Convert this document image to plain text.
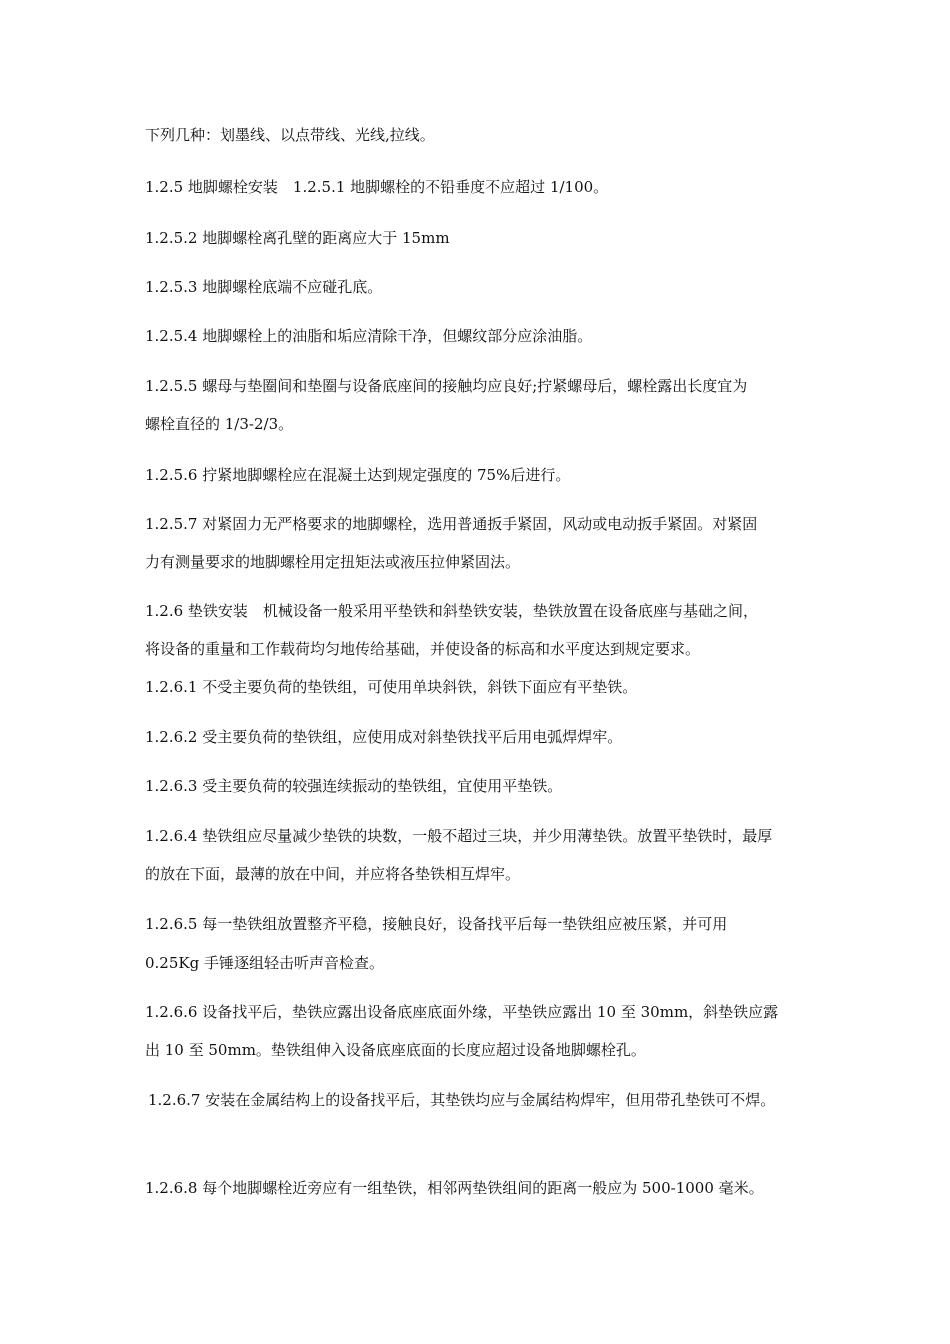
下列几种：划墨线、以点带线、光线,拉线。
1.2.5 地脚螺栓安装　1.2.5.1 地脚螺栓的不铅垂度不应超过 1/100。
1.2.5.2 地脚螺栓离孔壁的距离应大于 15mm
1.2.5.3 地脚螺栓底端不应碰孔底。
1.2.5.4 地脚螺栓上的油脂和垢应清除干净，但螺纹部分应涂油脂。
1.2.5.5 螺母与垫圈间和垫圈与设备底座间的接触均应良好;拧紧螺母后，螺栓露出长度宜为
螺栓直径的 1/3-2/3。
1.2.5.6 拧紧地脚螺栓应在混凝土达到规定强度的 75%后进行。
1.2.5.7 对紧固力无严格要求的地脚螺栓，选用普通扳手紧固，风动或电动扳手紧固。对紧固
力有测量要求的地脚螺栓用定扭矩法或液压拉伸紧固法。
1.2.6 垫铁安装　机械设备一般采用平垫铁和斜垫铁安装，垫铁放置在设备底座与基础之间，
将设备的重量和工作载荷均匀地传给基础，并使设备的标高和水平度达到规定要求。
1.2.6.1 不受主要负荷的垫铁组，可使用单块斜铁，斜铁下面应有平垫铁。
1.2.6.2 受主要负荷的垫铁组，应使用成对斜垫铁找平后用电弧焊焊牢。
1.2.6.3 受主要负荷的较强连续振动的垫铁组，宜使用平垫铁。
1.2.6.4 垫铁组应尽量减少垫铁的块数，一般不超过三块，并少用薄垫铁。放置平垫铁时，最厚
的放在下面，最薄的放在中间，并应将各垫铁相互焊牢。
1.2.6.5 每一垫铁组放置整齐平稳，接触良好，设备找平后每一垫铁组应被压紧，并可用
0.25Kg 手锤逐组轻击听声音检查。
1.2.6.6 设备找平后，垫铁应露出设备底座底面外缘，平垫铁应露出 10 至 30mm，斜垫铁应露
出 10 至 50mm。垫铁组伸入设备底座底面的长度应超过设备地脚螺栓孔。
1.2.6.7 安装在金属结构上的设备找平后，其垫铁均应与金属结构焊牢，但用带孔垫铁可不焊。
1.2.6.8 每个地脚螺栓近旁应有一组垫铁，相邻两垫铁组间的距离一般应为 500-1000 毫米。
